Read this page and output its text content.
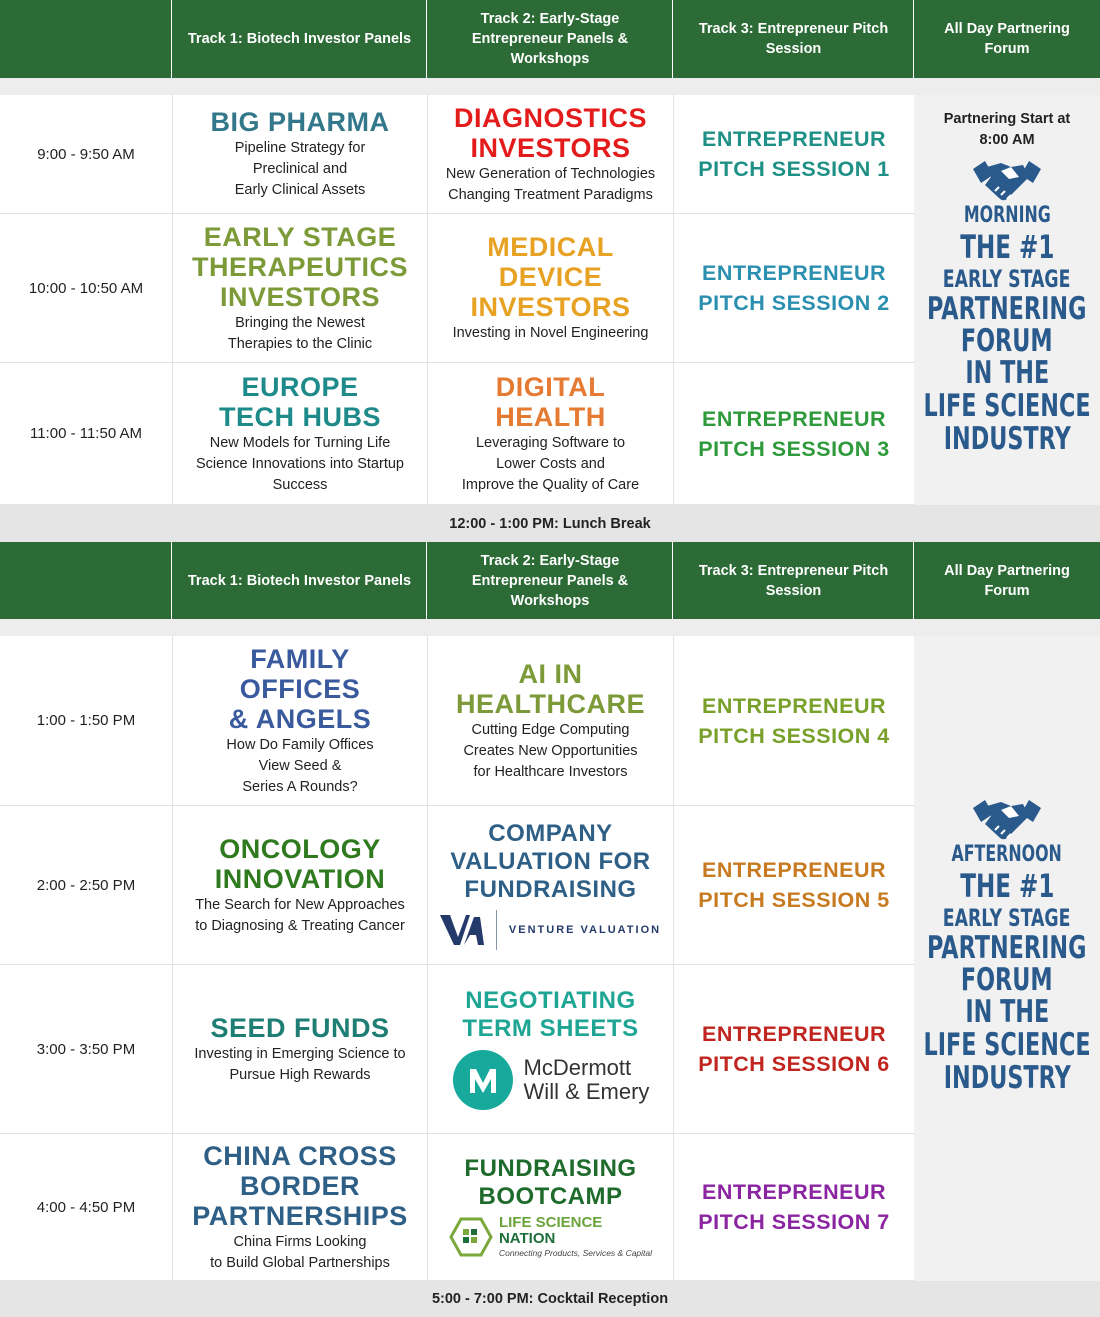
Track 1: Biotech Investor Panels
Track 2: Early-Stage Entrepreneur Panels & Workshops
Track 3: Entrepreneur Pitch Session
All Day Partnering Forum
9:00 - 9:50 AM
BIG PHARMA
Pipeline Strategy for
Preclinical and
Early Clinical Assets
DIAGNOSTICS
INVESTORS
New Generation of Technologies
Changing Treatment Paradigms
ENTREPRENEUR
PITCH SESSION 1
10:00 - 10:50 AM
EARLY STAGE
THERAPEUTICS
INVESTORS
Bringing the Newest
Therapies to the Clinic
MEDICAL
DEVICE
INVESTORS
Investing in Novel Engineering
ENTREPRENEUR
PITCH SESSION 2
11:00 - 11:50 AM
EUROPE
TECH HUBS
New Models for Turning Life
Science Innovations into Startup
Success
DIGITAL
HEALTH
Leveraging Software to
Lower Costs and
Improve the Quality of Care
ENTREPRENEUR
PITCH SESSION 3
Partnering Start at
8:00 AM
MORNING
THE #1
EARLY STAGE
PARTNERING
FORUM
IN THE
LIFE SCIENCE
INDUSTRY
12:00 - 1:00 PM: Lunch Break
Track 1: Biotech Investor Panels
Track 2: Early-Stage Entrepreneur Panels & Workshops
Track 3: Entrepreneur Pitch Session
All Day Partnering Forum
1:00 - 1:50 PM
FAMILY
OFFICES
& ANGELS
How Do Family Offices
View Seed &
Series A Rounds?
AI IN
HEALTHCARE
Cutting Edge Computing
Creates New Opportunities
for Healthcare Investors
ENTREPRENEUR
PITCH SESSION 4
2:00 - 2:50 PM
ONCOLOGY
INNOVATION
The Search for New Approaches
to Diagnosing & Treating Cancer
COMPANY
VALUATION FOR
FUNDRAISING
VENTURE VALUATION
ENTREPRENEUR
PITCH SESSION 5
3:00 - 3:50 PM
SEED FUNDS
Investing in Emerging Science to
Pursue High Rewards
NEGOTIATING
TERM SHEETS
McDermott
Will & Emery
ENTREPRENEUR
PITCH SESSION 6
4:00 - 4:50 PM
CHINA CROSS
BORDER
PARTNERSHIPS
China Firms Looking
to Build Global Partnerships
FUNDRAISING
BOOTCAMP
LIFE SCIENCE
NATION
Connecting Products, Services & Capital
ENTREPRENEUR
PITCH SESSION 7
AFTERNOON
THE #1
EARLY STAGE
PARTNERING
FORUM
IN THE
LIFE SCIENCE
INDUSTRY
5:00 - 7:00 PM: Cocktail Reception
